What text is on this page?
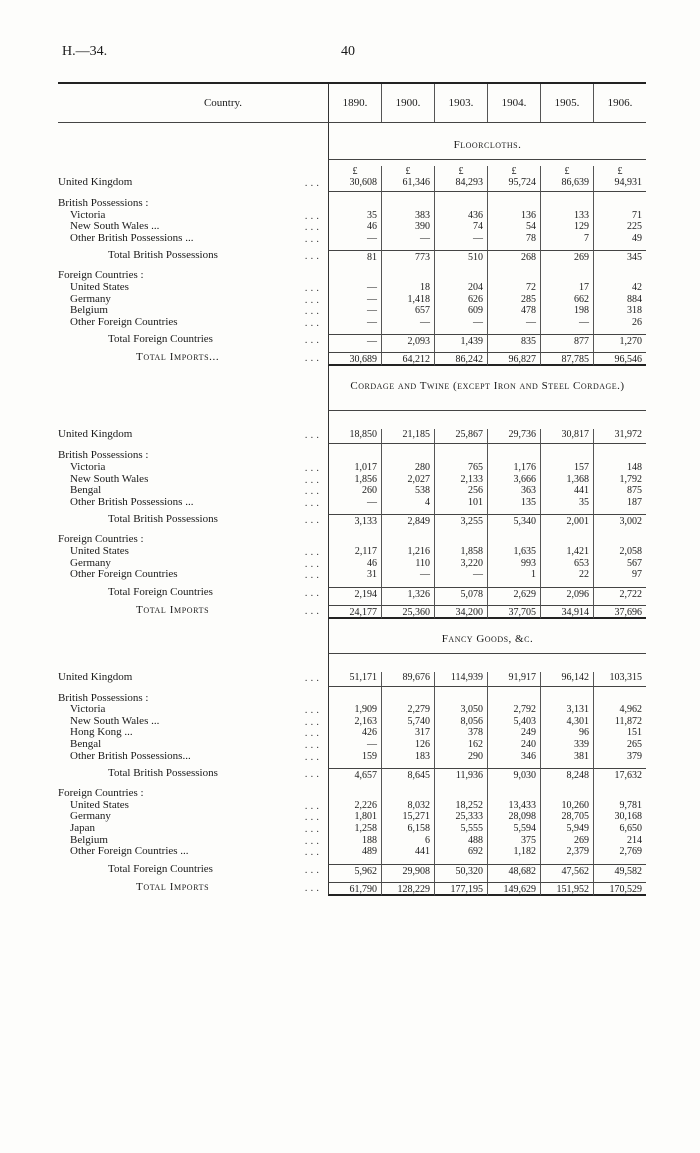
H.—34.	40
Country.	1890.	1900.	1903.	1904.	1905.	1906.
Floorcloths.
£	£	£	£	£	£
United Kingdom	...	30,608	61,346	84,293	95,724	86,639	94,931
British Possessions :
Victoria	...	35	383	436	136	133	71
New South Wales ...	...	46	390	74	54	129	225
Other British Possessions ...	...	—	—	—	78	7	49
Total British Possessions	...	81	773	510	268	269	345
Foreign Countries :
United States	...	—	18	204	72	17	42
Germany	...	—	1,418	626	285	662	884
Belgium	...	—	657	609	478	198	318
Other Foreign Countries	...	—	—	—	—	—	26
Total Foreign Countries	...	—	2,093	1,439	835	877	1,270
Total Imports...	...	30,689	64,212	86,242	96,827	87,785	96,546
Cordage and Twine (except Iron and Steel Cordage.)
United Kingdom	...	18,850	21,185	25,867	29,736	30,817	31,972
British Possessions :
Victoria	...	1,017	280	765	1,176	157	148
New South Wales	...	1,856	2,027	2,133	3,666	1,368	1,792
Bengal	...	260	538	256	363	441	875
Other British Possessions ...	...	—	4	101	135	35	187
Total British Possessions	...	3,133	2,849	3,255	5,340	2,001	3,002
Foreign Countries :
United States	...	2,117	1,216	1,858	1,635	1,421	2,058
Germany	...	46	110	3,220	993	653	567
Other Foreign Countries	...	31	—	—	1	22	97
Total Foreign Countries	...	2,194	1,326	5,078	2,629	2,096	2,722
Total Imports	...	24,177	25,360	34,200	37,705	34,914	37,696
Fancy Goods, &c.
United Kingdom	...	51,171	89,676	114,939	91,917	96,142	103,315
British Possessions :
Victoria	...	1,909	2,279	3,050	2,792	3,131	4,962
New South Wales ...	...	2,163	5,740	8,056	5,403	4,301	11,872
Hong Kong ...	...	426	317	378	249	96	151
Bengal	...	—	126	162	240	339	265
Other British Possessions...	...	159	183	290	346	381	379
Total British Possessions	...	4,657	8,645	11,936	9,030	8,248	17,632
Foreign Countries :
United States	...	2,226	8,032	18,252	13,433	10,260	9,781
Germany	...	1,801	15,271	25,333	28,098	28,705	30,168
Japan	...	1,258	6,158	5,555	5,594	5,949	6,650
Belgium	...	188	6	488	375	269	214
Other Foreign Countries ...	...	489	441	692	1,182	2,379	2,769
Total Foreign Countries	...	5,962	29,908	50,320	48,682	47,562	49,582
Total Imports	...	61,790	128,229	177,195	149,629	151,952	170,529
